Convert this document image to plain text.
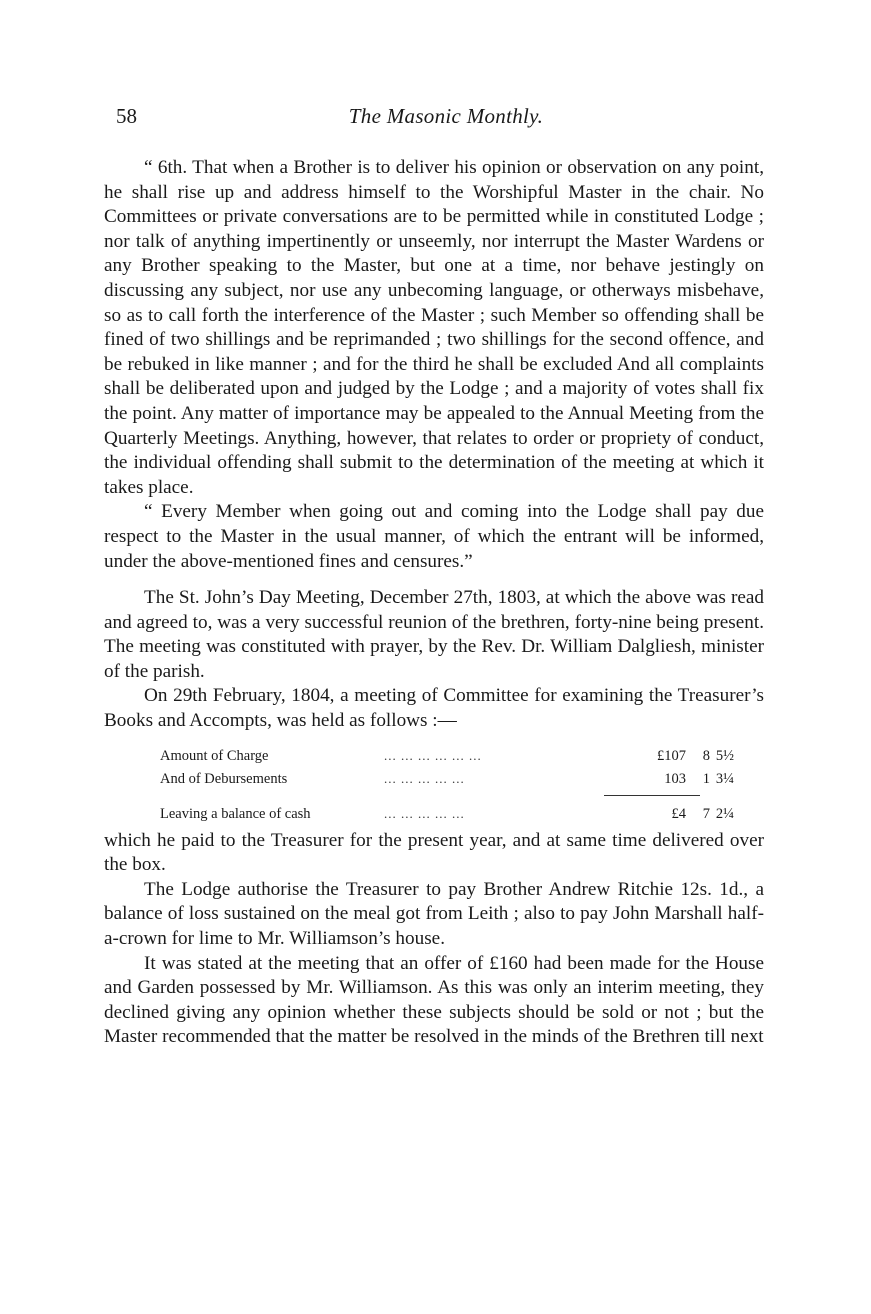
58	The Masonic Monthly.

“ 6th. That when a Brother is to deliver his opinion or observation on any point, he shall rise up and address himself to the Worshipful Master in the chair. No Committees or private conversations are to be permitted while in constituted Lodge ; nor talk of anything impertinently or unseemly, nor interrupt the Master Wardens or any Brother speaking to the Master, but one at a time, nor behave jestingly on discussing any subject, nor use any unbecoming language, or otherways misbehave, so as to call forth the interference of the Master ; such Member so offending shall be fined of two shillings and be reprimanded ; two shillings for the second offence, and be rebuked in like manner ; and for the third he shall be excluded And all complaints shall be deliberated upon and judged by the Lodge ; and a majority of votes shall fix the point. Any matter of importance may be appealed to the Annual Meeting from the Quarterly Meetings. Anything, however, that relates to order or propriety of conduct, the individual offending shall submit to the determination of the meeting at which it takes place.

“ Every Member when going out and coming into the Lodge shall pay due respect to the Master in the usual manner, of which the entrant will be informed, under the above-mentioned fines and censures.”

The St. John’s Day Meeting, December 27th, 1803, at which the above was read and agreed to, was a very successful reunion of the brethren, forty-nine being present. The meeting was constituted with prayer, by the Rev. Dr. William Dalgliesh, minister of the parish.

On 29th February, 1804, a meeting of Committee for examining the Treasurer’s Books and Accompts, was held as follows :—

Amount of Charge	... ... ... ... ... ...	£107	8 5½
And of Debursements	... ... ... ... ...	103	1 3¼
Leaving a balance of cash	... ... ... ... ...	£4	7 2¼

which he paid to the Treasurer for the present year, and at same time delivered over the box.

The Lodge authorise the Treasurer to pay Brother Andrew Ritchie 12s. 1d., a balance of loss sustained on the meal got from Leith ; also to pay John Marshall half-a-crown for lime to Mr. Williamson’s house.

It was stated at the meeting that an offer of £160 had been made for the House and Garden possessed by Mr. Williamson. As this was only an interim meeting, they declined giving any opinion whether these subjects should be sold or not ; but the Master recommended that the matter be resolved in the minds of the Brethren till next
